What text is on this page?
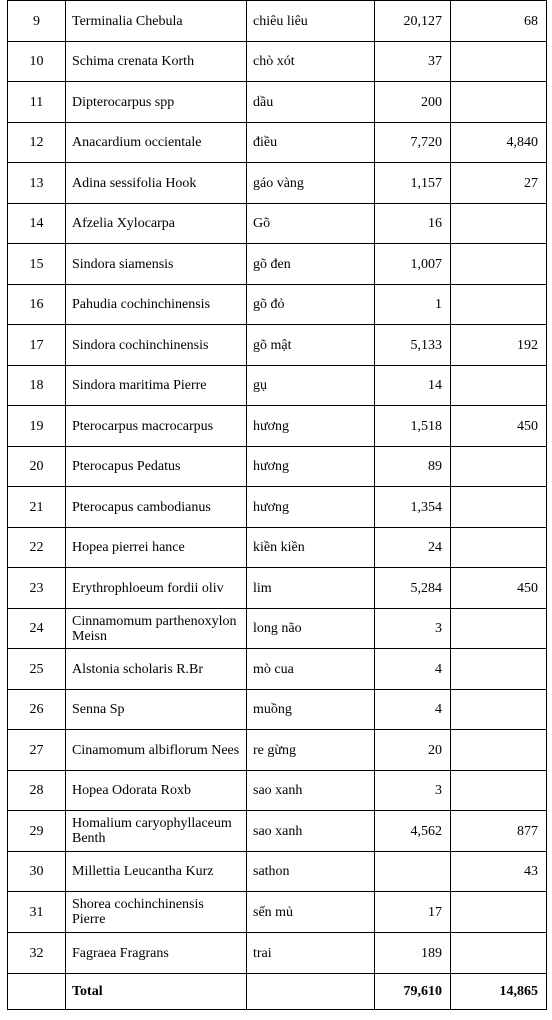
9	Terminalia Chebula	chiêu liêu	20,127	68
10	Schima crenata Korth	chò xót	37	
11	Dipterocarpus spp	dầu	200	
12	Anacardium occientale	điều	7,720	4,840
13	Adina sessifolia Hook	gáo vàng	1,157	27
14	Afzelia Xylocarpa	Gõ	16	
15	Sindora siamensis	gõ đen	1,007	
16	Pahudia cochinchinensis	gõ đỏ	1	
17	Sindora cochinchinensis	gõ mật	5,133	192
18	Sindora maritima Pierre	gụ	14	
19	Pterocarpus macrocarpus	hương	1,518	450
20	Pterocapus Pedatus	hương	89	
21	Pterocapus cambodianus	hương	1,354	
22	Hopea pierrei hance	kiền kiền	24	
23	Erythrophloeum fordii oliv	lim	5,284	450
24	Cinnamomum parthenoxylon Meisn	long não	3	
25	Alstonia scholaris R.Br	mò cua	4	
26	Senna Sp	muồng	4	
27	Cinamomum albiflorum Nees	re gừng	20	
28	Hopea Odorata Roxb	sao xanh	3	
29	Homalium caryophyllaceum Benth	sao xanh	4,562	877
30	Millettia Leucantha Kurz	sathon		43
31	Shorea cochinchinensis Pierre	sến mủ	17	
32	Fagraea Fragrans	trai	189	
	Total		79,610	14,865
